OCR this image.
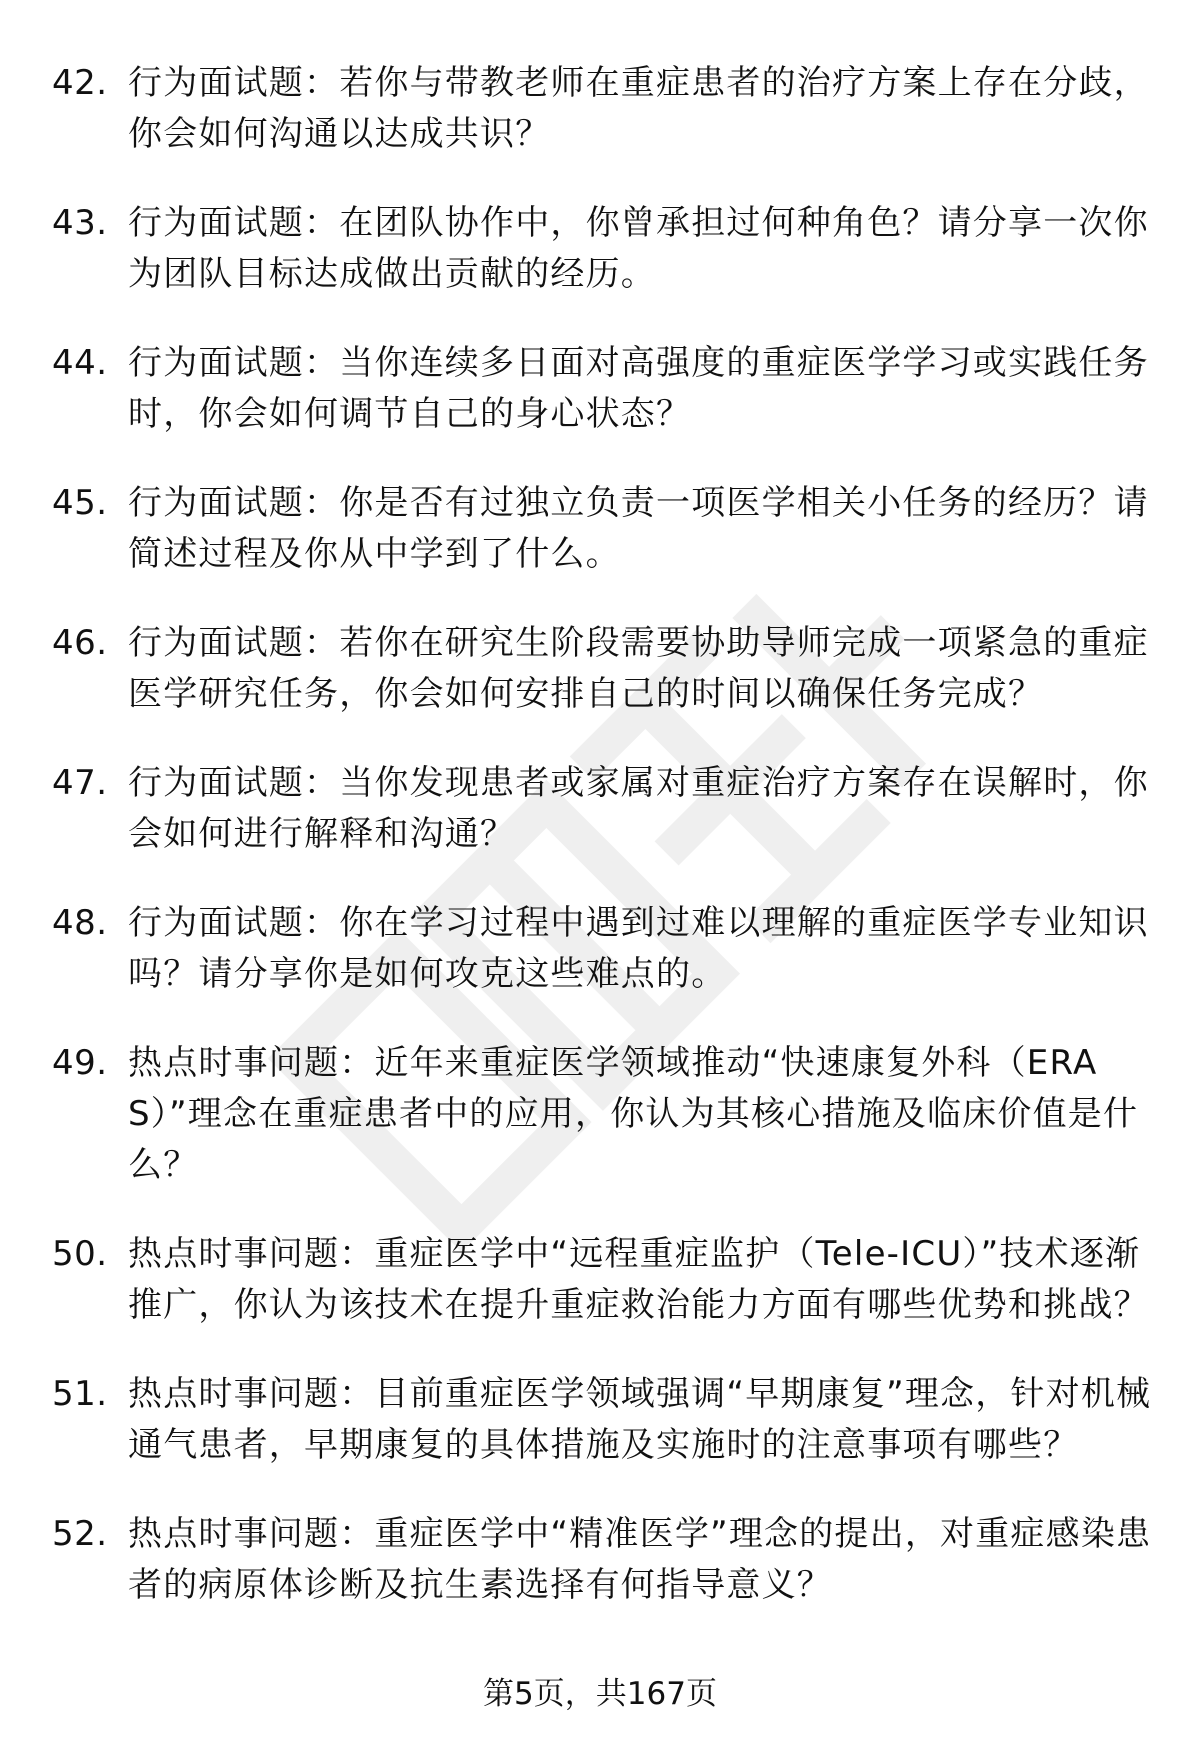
42. 行为面试题：若你与带教老师在重症患者的治疗方案上存在分歧，你会如何沟通以达成共识？
43. 行为面试题：在团队协作中，你曾承担过何种角色？请分享一次你为团队目标达成做出贡献的经历。
44. 行为面试题：当你连续多日面对高强度的重症医学学习或实践任务时，你会如何调节自己的身心状态？
45. 行为面试题：你是否有过独立负责一项医学相关小任务的经历？请简述过程及你从中学到了什么。
46. 行为面试题：若你在研究生阶段需要协助导师完成一项紧急的重症医学研究任务，你会如何安排自己的时间以确保任务完成？
47. 行为面试题：当你发现患者或家属对重症治疗方案存在误解时，你会如何进行解释和沟通？
48. 行为面试题：你在学习过程中遇到过难以理解的重症医学专业知识吗？请分享你是如何攻克这些难点的。
49. 热点时事问题：近年来重症医学领域推动“快速康复外科（ERAS）”理念在重症患者中的应用，你认为其核心措施及临床价值是什么？
50. 热点时事问题：重症医学中“远程重症监护（Tele-ICU）”技术逐渐推广，你认为该技术在提升重症救治能力方面有哪些优势和挑战？
51. 热点时事问题：目前重症医学领域强调“早期康复”理念，针对机械通气患者，早期康复的具体措施及实施时的注意事项有哪些？
52. 热点时事问题：重症医学中“精准医学”理念的提出，对重症感染患者的病原体诊断及抗生素选择有何指导意义？
第5页，共167页
